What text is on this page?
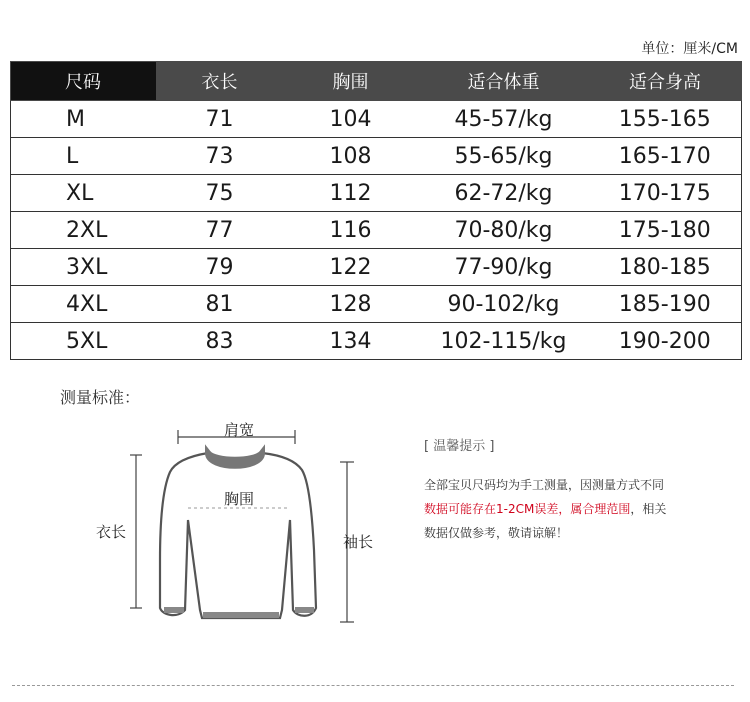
单位：厘米/CM
尺码	衣长	胸围	适合体重	适合身高
M	71	104	45-57/kg	155-165
L	73	108	55-65/kg	165-170
XL	75	112	62-72/kg	170-175
2XL	77	116	70-80/kg	175-180
3XL	79	122	77-90/kg	180-185
4XL	81	128	90-102/kg	185-190
5XL	83	134	102-115/kg	190-200
测量标准：
肩宽
胸围
衣长
袖长
[ 温馨提示 ]
全部宝贝尺码均为手工测量，因测量方式不同
数据可能存在1-2CM误差，属合理范围，相关
数据仅做参考，敬请谅解！
